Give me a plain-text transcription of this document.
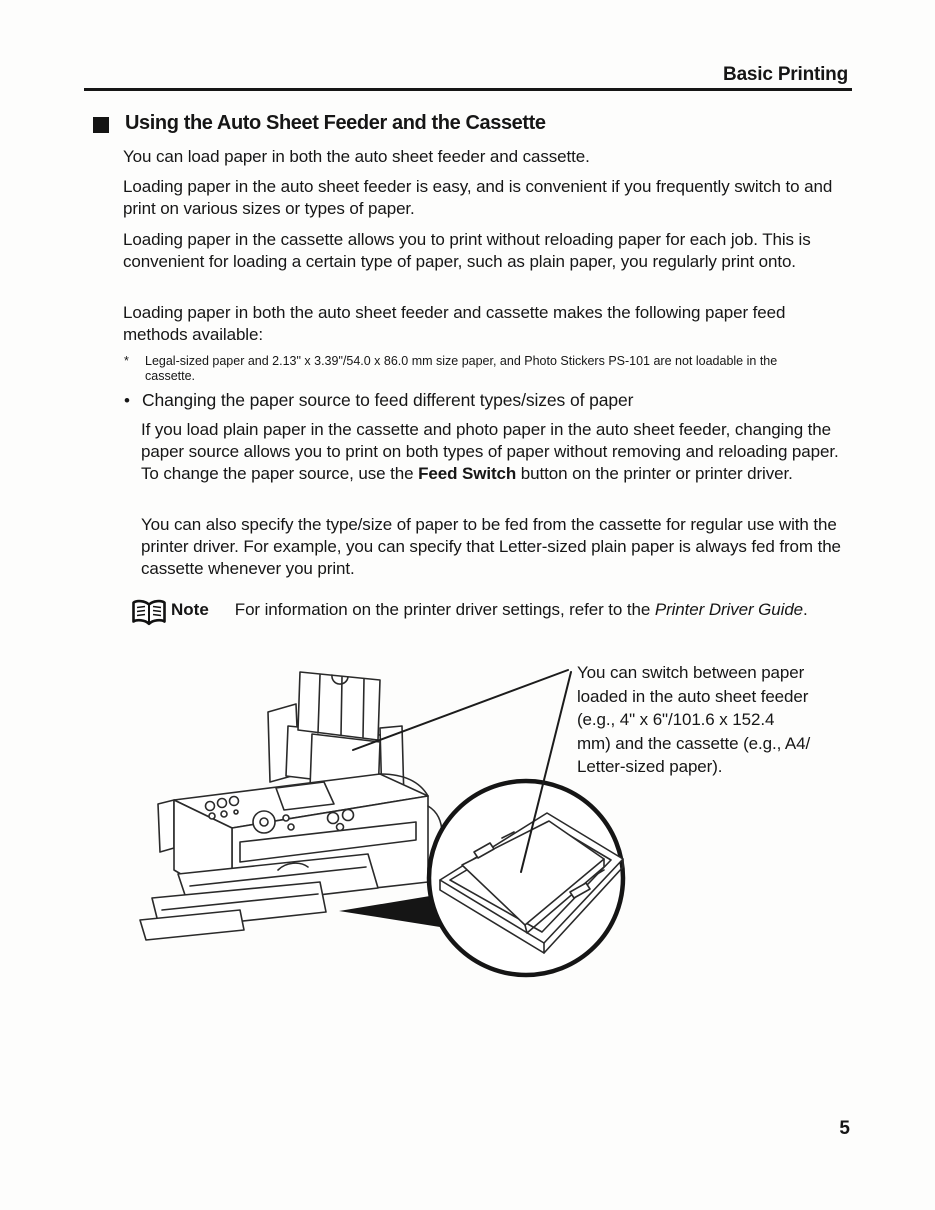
Basic Printing
Using the Auto Sheet Feeder and the Cassette

You can load paper in both the auto sheet feeder and cassette.

Loading paper in the auto sheet feeder is easy, and is convenient if you frequently switch to and print on various sizes or types of paper.

Loading paper in the cassette allows you to print without reloading paper for each job. This is convenient for loading a certain type of paper, such as plain paper, you regularly print onto.

Loading paper in both the auto sheet feeder and cassette makes the following paper feed methods available:

*	Legal-sized paper and 2.13" x 3.39"/54.0 x 86.0 mm size paper, and Photo Stickers PS-101 are not loadable in the
cassette.
• Changing the paper source to feed different types/sizes of paper

If you load plain paper in the cassette and photo paper in the auto sheet feeder, changing the paper source allows you to print on both types of paper without removing and reloading paper. To change the paper source, use the Feed Switch button on the printer or printer driver.

You can also specify the type/size of paper to be fed from the cassette for regular use with the printer driver. For example, you can specify that Letter-sized plain paper is always fed from the cassette whenever you print.

Note For information on the printer driver settings, refer to the Printer Driver Guide.
You can switch between paper
loaded in the auto sheet feeder
(e.g., 4" x 6"/101.6 x 152.4
mm) and the cassette (e.g., A4/
Letter-sized paper).
5
